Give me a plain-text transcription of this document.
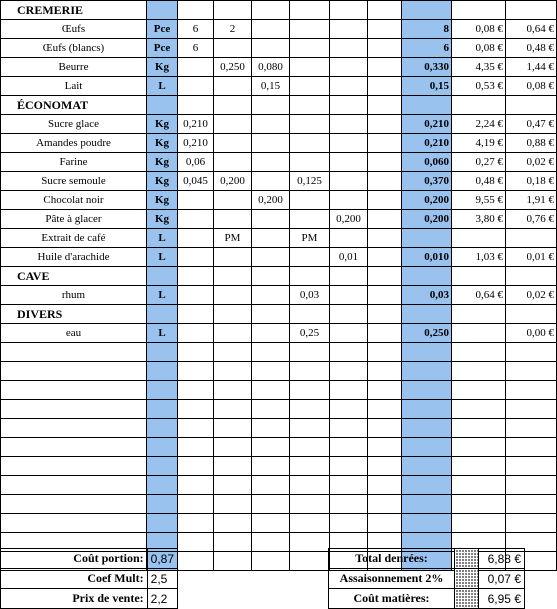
CREMERIE										
Œufs	Pce	6	2					8	0,08 €	0,64 €
Œufs (blancs)	Pce	6						6	0,08 €	0,48 €
Beurre	Kg		0,250	0,080				0,330	4,35 €	1,44 €
Lait	L			0,15				0,15	0,53 €	0,08 €
ÉCONOMAT										
Sucre glace	Kg	0,210						0,210	2,24 €	0,47 €
Amandes poudre	Kg	0,210						0,210	4,19 €	0,88 €
Farine	Kg	0,06						0,060	0,27 €	0,02 €
Sucre semoule	Kg	0,045	0,200		0,125			0,370	0,48 €	0,18 €
Chocolat noir	Kg			0,200				0,200	9,55 €	1,91 €
Pâte à glacer	Kg					0,200		0,200	3,80 €	0,76 €
Extrait de café	L		PM		PM					
Huile d'arachide	L					0,01		0,010	1,03 €	0,01 €
CAVE										
rhum	L				0,03			0,03	0,64 €	0,02 €
DIVERS										
eau	L				0,25			0,250		0,00 €

Coût portion:	0,87
Coef Mult:	2,5
Prix de vente:	2,2
Total denrées:		6,88 €
Assaisonnement 2%		0,07 €
Coût matières:		6,95 €
